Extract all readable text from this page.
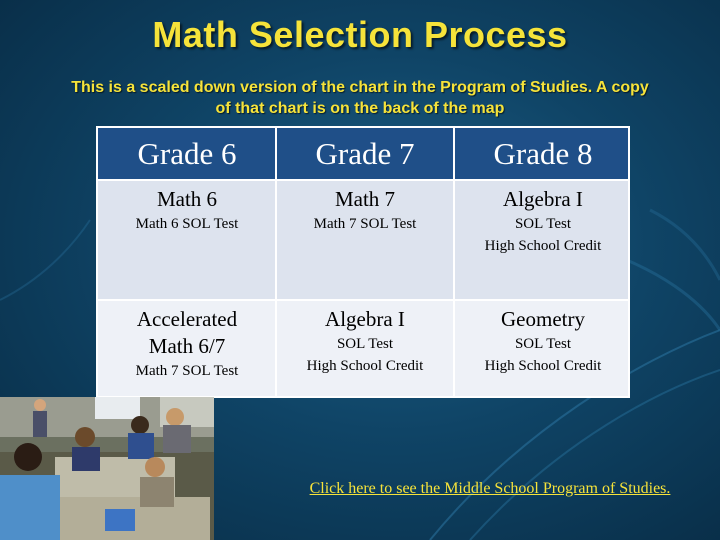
Math Selection Process
This is a scaled down version of the chart in the Program of Studies. A copy of that chart is on the back of the map
Grade 6	Grade 7	Grade 8
Math 6
Math 6 SOL Test
Math 7
Math 7 SOL Test
Algebra I
SOL Test
High School Credit
Accelerated Math 6/7
Math 7 SOL Test
Algebra I
SOL Test
High School Credit
Geometry
SOL Test
High School Credit
Click here to see the Middle School Program of Studies.
